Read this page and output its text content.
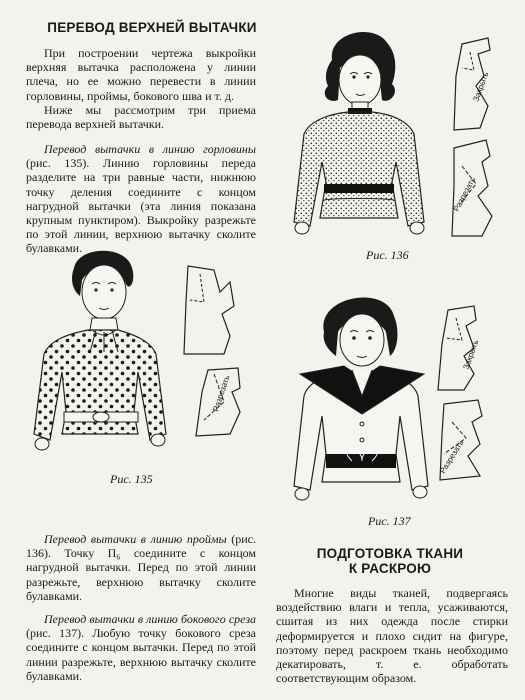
ПЕРЕВОД ВЕРХНЕЙ ВЫТАЧКИ

При построении чертежа выкройки верхняя вытачка расположена у линии плеча, но ее можно перевести в линии горловины, проймы, бокового шва и т. д.

Ниже мы рассмотрим три приема перевода верхней вытачки.

Перевод вытачки в линию горловины (рис. 135). Линию горловины переда разделите на три равные части, нижнюю точку деления соедините с концом нагрудной вытачки (эта линия показана крупным пунктиром). Выкройку разрежьте по этой линии, верхнюю вытачку сколите булавками.

Перевод вытачки в линию проймы (рис. 136). Точку П₆ соедините с концом нагрудной вытачки. Перед по этой линии разрежьте, верхнюю вытачку сколите булавками.

Перевод вытачки в линию бокового среза (рис. 137). Любую точку бокового среза соедините с концом вытачки. Перед по этой линии разрежьте, верхнюю вытачку сколите булавками.

ПОДГОТОВКА ТКАНИ
К РАСКРОЮ

Многие виды тканей, подвергаясь воздействию влаги и тепла, усаживаются, сшитая из них одежда после стирки деформируется и плохо сидит на фигуре, поэтому перед раскроем ткань необходимо декатировать, т. е. обработать соответствующим образом.

Рис. 135
Рис. 136
Рис. 137
Закрыть
Разрезать
Разрезать
Закрыть
Разрезать
